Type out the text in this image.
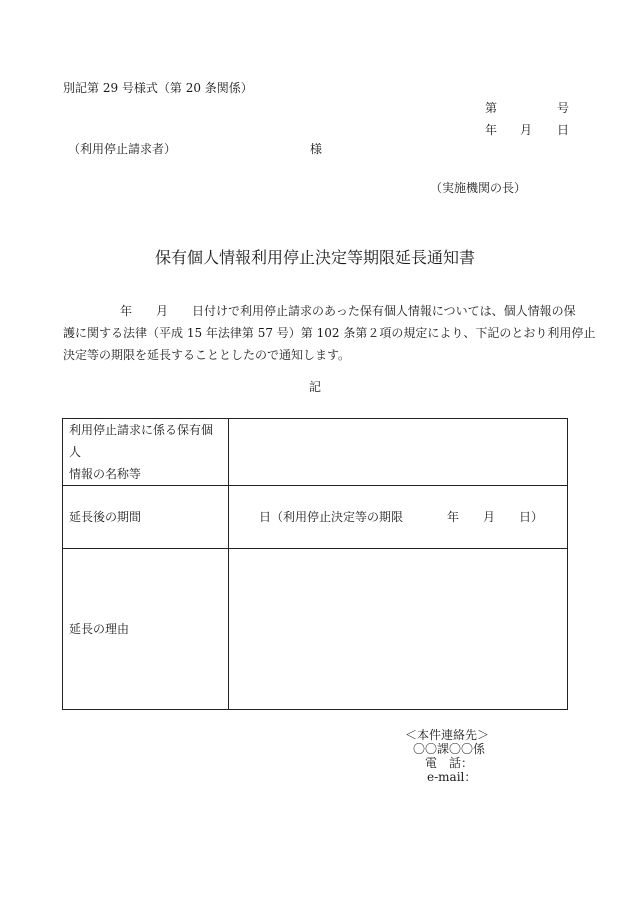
別記第 29 号様式（第 20 条関係）
第	号
年 月 日
（利用停止請求者）	様
（実施機関の長）
保有個人情報利用停止決定等期限延長通知書
年　　月　　日付けで利用停止請求のあった保有個人情報については、個人情報の保
護に関する法律（平成 15 年法律第 57 号）第 102 条第２項の規定により、下記のとおり利用停止
決定等の期限を延長することとしたので通知します。
記
利用停止請求に係る保有個人
情報の名称等	

延長後の期間	日（利用停止決定等の期限 年　　月　　日）

延長の理由	
＜本件連絡先＞
〇〇課〇〇係
電　話：
e-mail：
